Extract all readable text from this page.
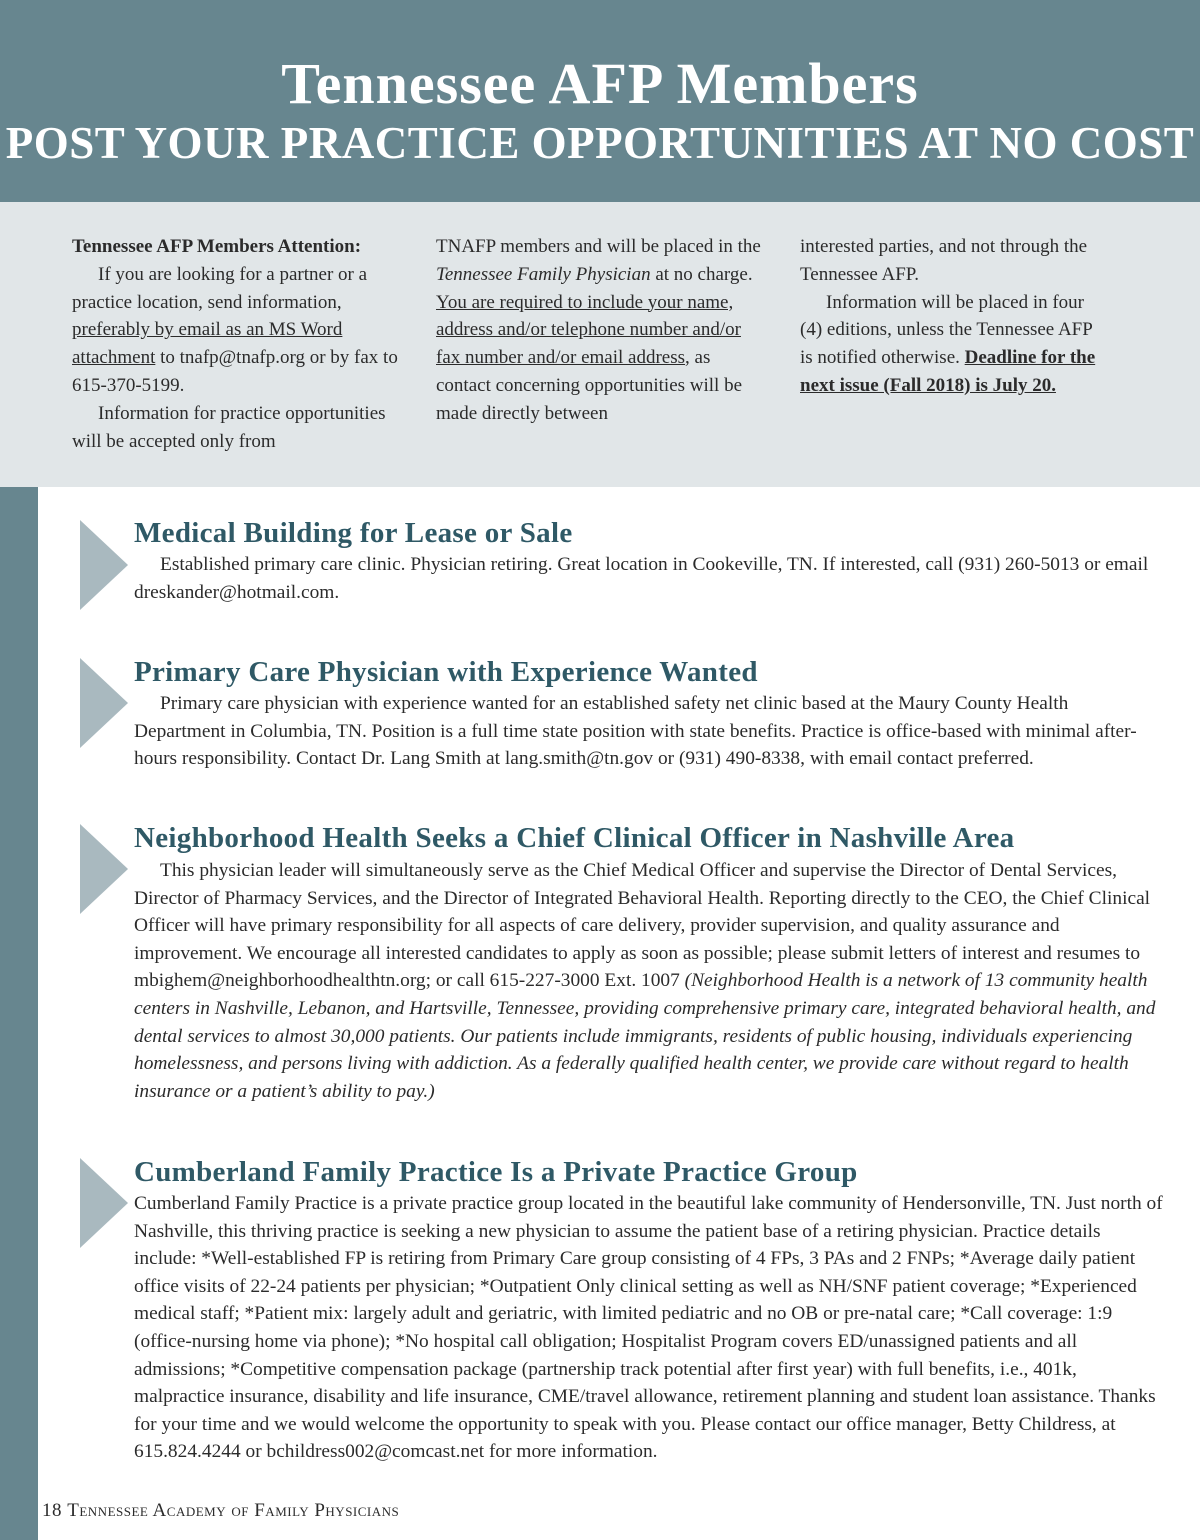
Tennessee AFP Members
POST YOUR PRACTICE OPPORTUNITIES AT NO COST

Tennessee AFP Members Attention:

If you are looking for a partner or a practice location, send information, preferably by email as an MS Word attachment to tnafp@tnafp.org or by fax to 615-370-5199.

Information for practice opportunities will be accepted only from

TNAFP members and will be placed in the Tennessee Family Physician at no charge. You are required to include your name, address and/or telephone number and/or fax number and/or email address, as contact concerning opportunities will be made directly between

interested parties, and not through the Tennessee AFP.

Information will be placed in four (4) editions, unless the Tennessee AFP is notified otherwise. Deadline for the next issue (Fall 2018) is July 20.

Medical Building for Lease or Sale

Established primary care clinic. Physician retiring. Great location in Cookeville, TN. If interested, call (931) 260-5013 or email dreskander@hotmail.com.

Primary Care Physician with Experience Wanted

Primary care physician with experience wanted for an established safety net clinic based at the Maury County Health Department in Columbia, TN. Position is a full time state position with state benefits. Practice is office-based with minimal after-hours responsibility. Contact Dr. Lang Smith at lang.smith@tn.gov or (931) 490-8338, with email contact preferred.

Neighborhood Health Seeks a Chief Clinical Officer in Nashville Area

This physician leader will simultaneously serve as the Chief Medical Officer and supervise the Director of Dental Services, Director of Pharmacy Services, and the Director of Integrated Behavioral Health. Reporting directly to the CEO, the Chief Clinical Officer will have primary responsibility for all aspects of care delivery, provider supervision, and quality assurance and improvement. We encourage all interested candidates to apply as soon as possible; please submit letters of interest and resumes to mbighem@neighborhoodhealthtn.org; or call 615-227-3000 Ext. 1007 (Neighborhood Health is a network of 13 community health centers in Nashville, Lebanon, and Hartsville, Tennessee, providing comprehensive primary care, integrated behavioral health, and dental services to almost 30,000 patients. Our patients include immigrants, residents of public housing, individuals experiencing homelessness, and persons living with addiction. As a federally qualified health center, we provide care without regard to health insurance or a patient’s ability to pay.)

Cumberland Family Practice Is a Private Practice Group

Cumberland Family Practice is a private practice group located in the beautiful lake community of Hendersonville, TN. Just north of Nashville, this thriving practice is seeking a new physician to assume the patient base of a retiring physician. Practice details include: *Well-established FP is retiring from Primary Care group consisting of 4 FPs, 3 PAs and 2 FNPs; *Average daily patient office visits of 22-24 patients per physician; *Outpatient Only clinical setting as well as NH/SNF patient coverage; *Experienced medical staff; *Patient mix: largely adult and geriatric, with limited pediatric and no OB or pre-natal care; *Call coverage: 1:9 (office-nursing home via phone); *No hospital call obligation; Hospitalist Program covers ED/unassigned patients and all admissions; *Competitive compensation package (partnership track potential after first year) with full benefits, i.e., 401k, malpractice insurance, disability and life insurance, CME/travel allowance, retirement planning and student loan assistance. Thanks for your time and we would welcome the opportunity to speak with you. Please contact our office manager, Betty Childress, at 615.824.4244 or bchildress002@comcast.net for more information.

18 Tennessee Academy of Family Physicians
